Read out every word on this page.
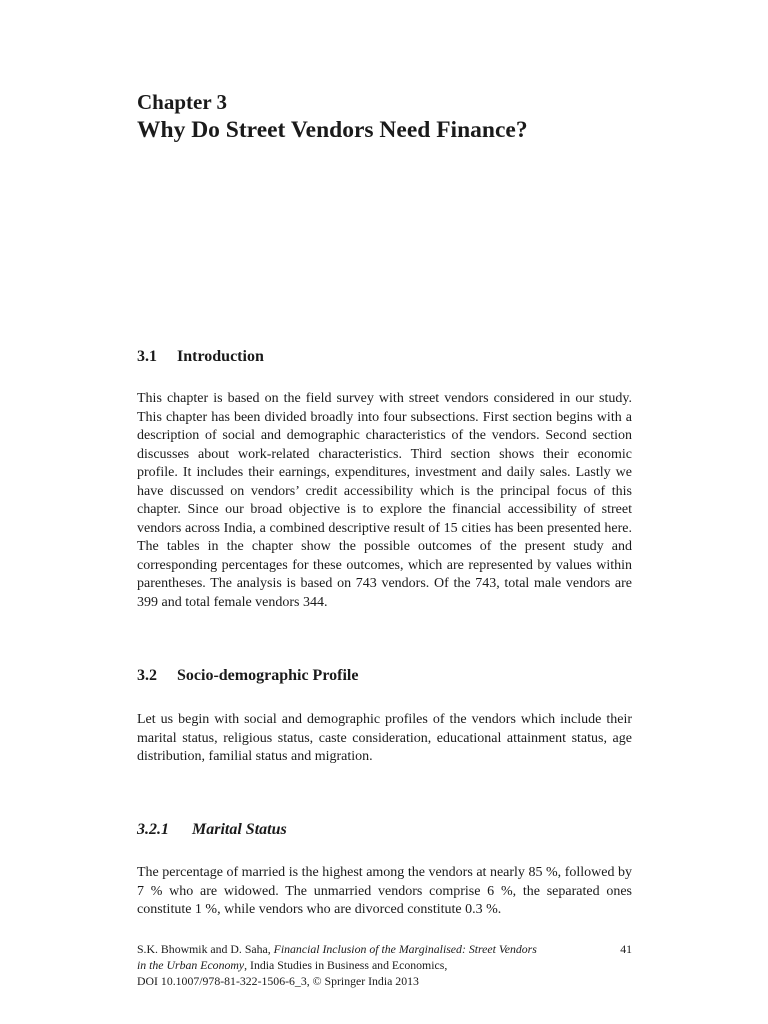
Chapter 3
Why Do Street Vendors Need Finance?
3.1 Introduction

This chapter is based on the field survey with street vendors considered in our study. This chapter has been divided broadly into four subsections. First section begins with a description of social and demographic characteristics of the vendors. Second section discusses about work-related characteristics. Third section shows their economic profile. It includes their earnings, expenditures, investment and daily sales. Lastly we have discussed on vendors’ credit accessibility which is the principal focus of this chapter. Since our broad objective is to explore the financial accessibility of street vendors across India, a combined descriptive result of 15 cities has been presented here. The tables in the chapter show the possible outcomes of the present study and corresponding percentages for these outcomes, which are represented by values within parentheses. The analysis is based on 743 vendors. Of the 743, total male vendors are 399 and total female vendors 344.

3.2 Socio-demographic Profile

Let us begin with social and demographic profiles of the vendors which include their marital status, religious status, caste consideration, educational attainment status, age distribution, familial status and migration.

3.2.1 Marital Status

The percentage of married is the highest among the vendors at nearly 85 %, followed by 7 % who are widowed. The unmarried vendors comprise 6 %, the separated ones constitute 1 %, while vendors who are divorced constitute 0.3 %.

S.K. Bhowmik and D. Saha, Financial Inclusion of the Marginalised: Street Vendors
in the Urban Economy, India Studies in Business and Economics,
DOI 10.1007/978-81-322-1506-6_3, © Springer India 2013
41
